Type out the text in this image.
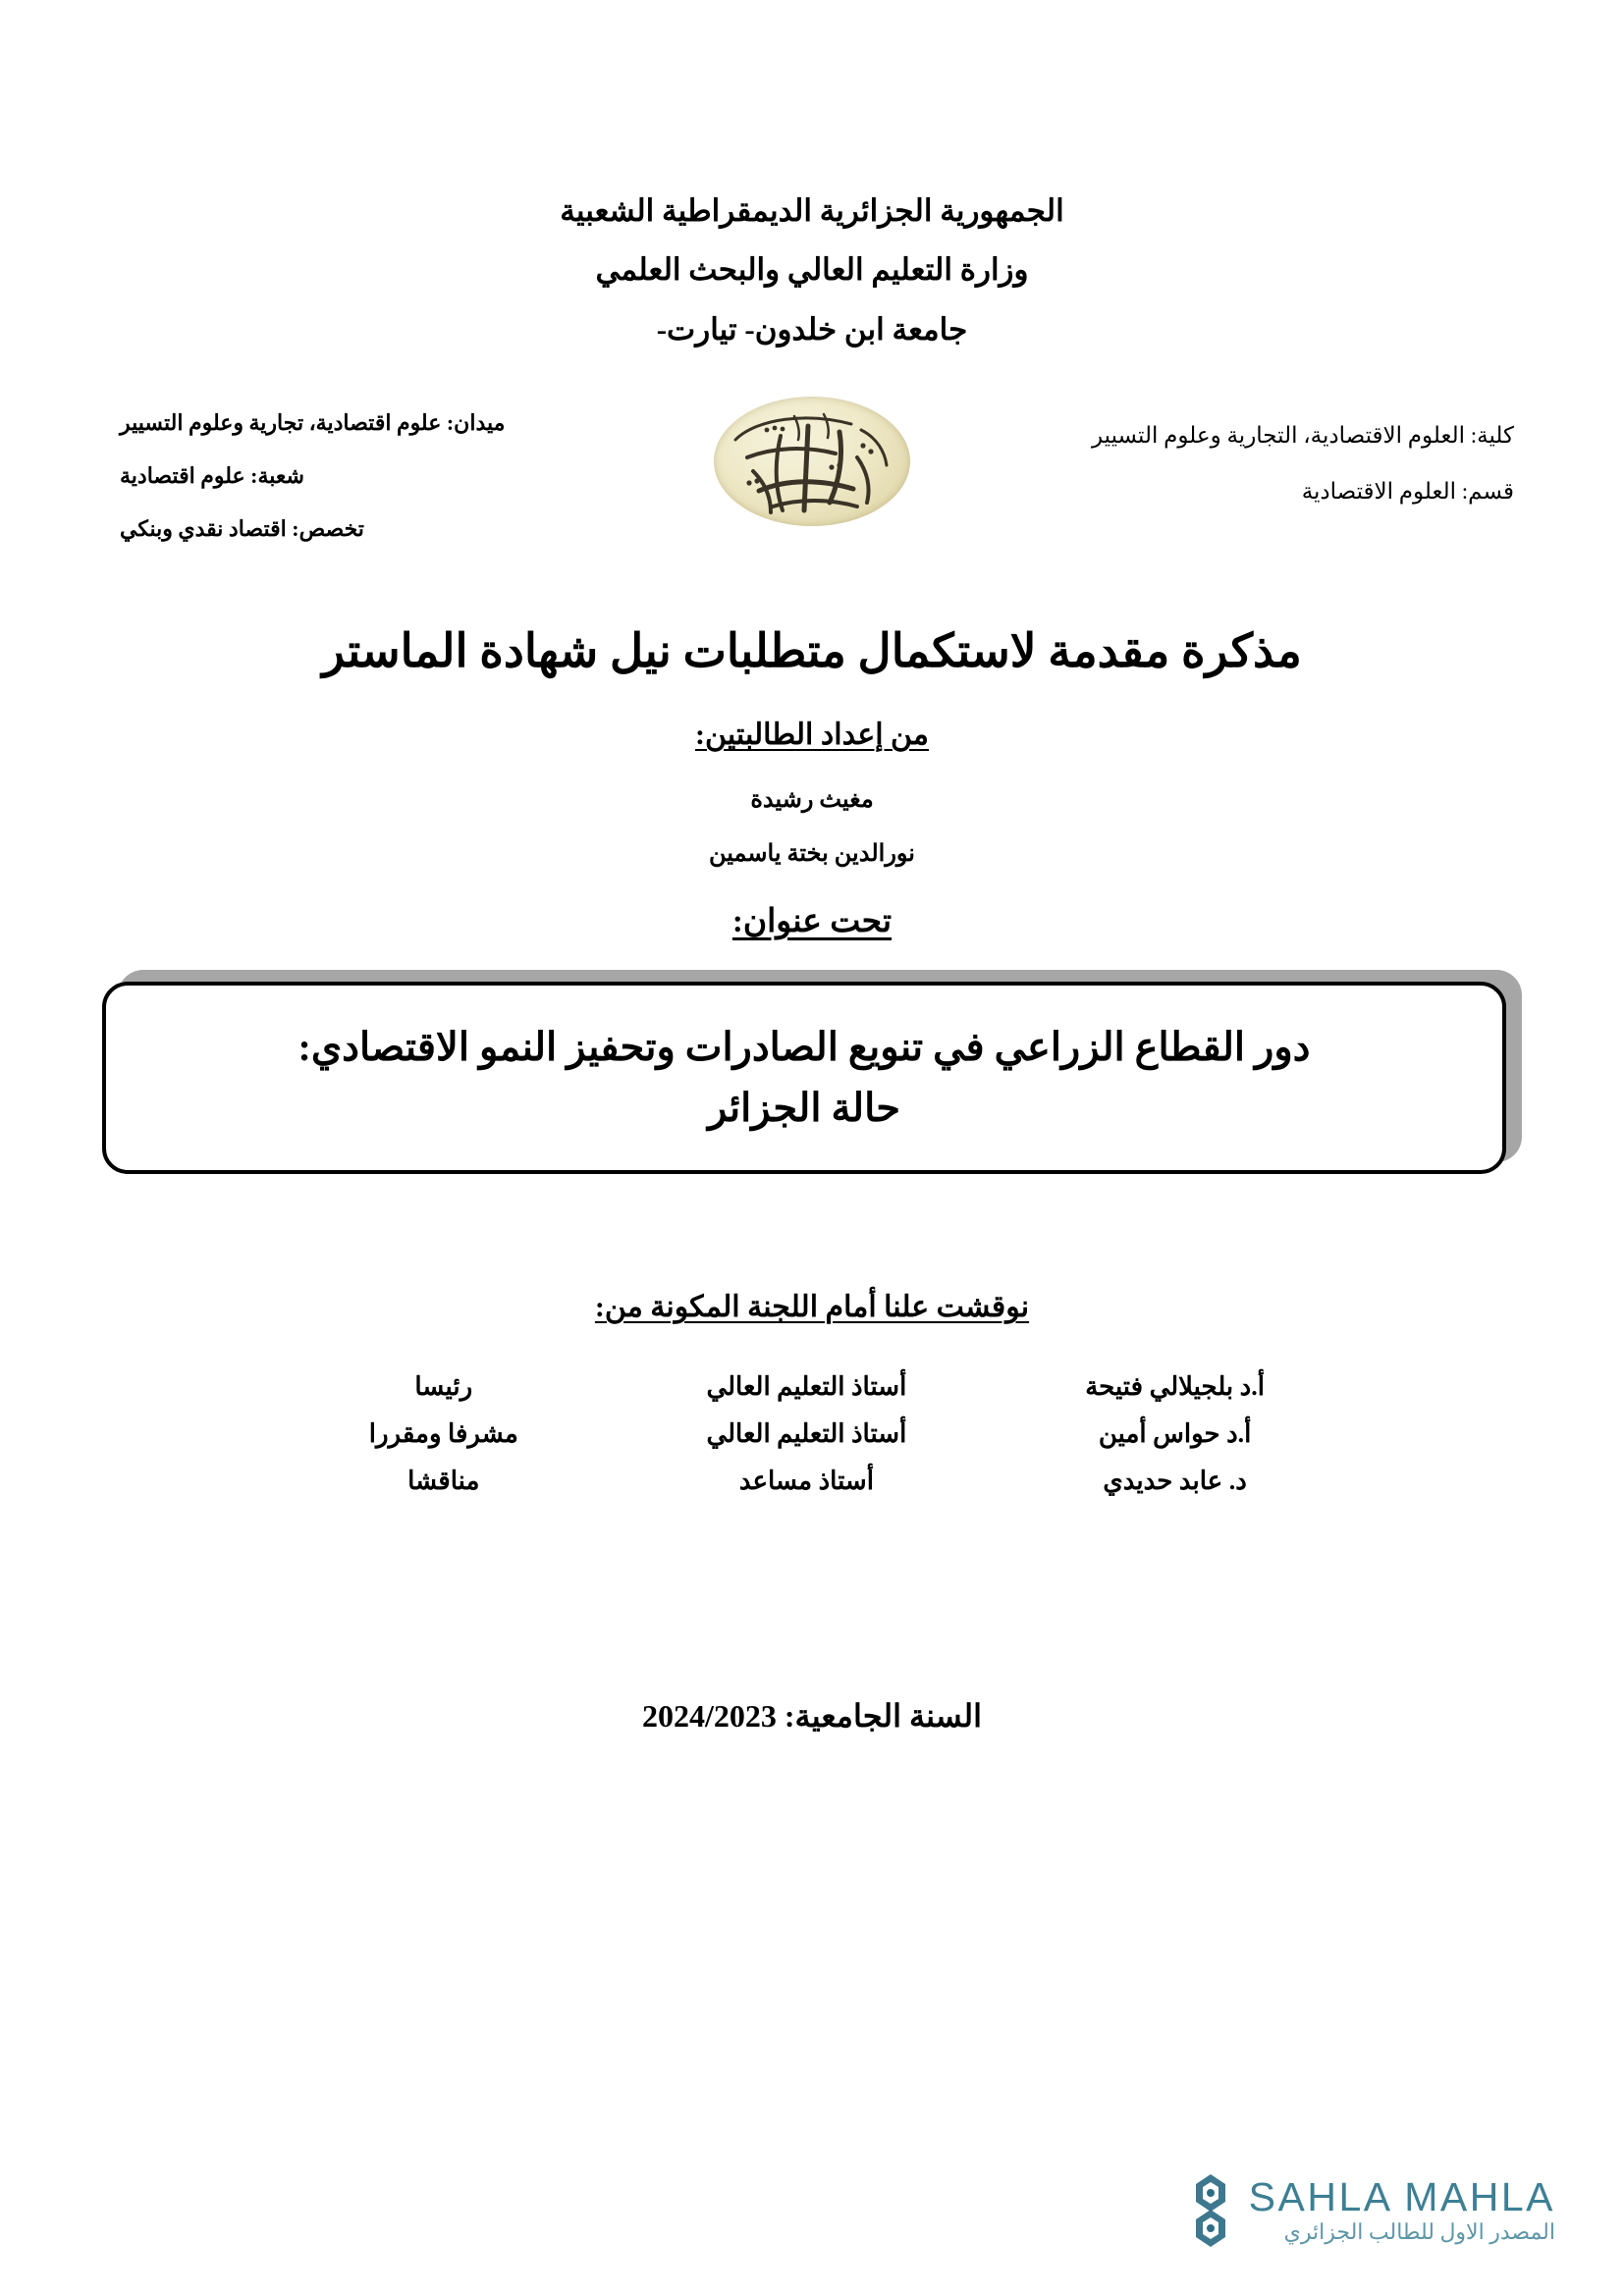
الجمهورية الجزائرية الديمقراطية الشعبية
وزارة التعليم العالي والبحث العلمي
جامعة ابن خلدون- تيارت-
كلية: العلوم الاقتصادية، التجارية وعلوم التسيير
قسم: العلوم الاقتصادية
ميدان: علوم اقتصادية، تجارية وعلوم التسيير
شعبة: علوم اقتصادية
تخصص: اقتصاد نقدي وبنكي
مذكرة مقدمة لاستكمال متطلبات نيل شهادة الماستر
من إعداد الطالبتين:
مغيث رشيدة
نورالدين بختة ياسمين
تحت عنوان:
دور القطاع الزراعي في تنويع الصادرات وتحفيز النمو الاقتصادي:
حالة الجزائر
نوقشت علنا أمام اللجنة المكونة من:
أ.د بلجيلالي فتيحة	أستاذ التعليم العالي	رئيسا
أ.د حواس أمين	أستاذ التعليم العالي	مشرفا ومقررا
د. عابد حديدي	أستاذ مساعد	مناقشا
السنة الجامعية: 2024/2023
SAHLA MAHLA
المصدر الاول للطالب الجزائري
